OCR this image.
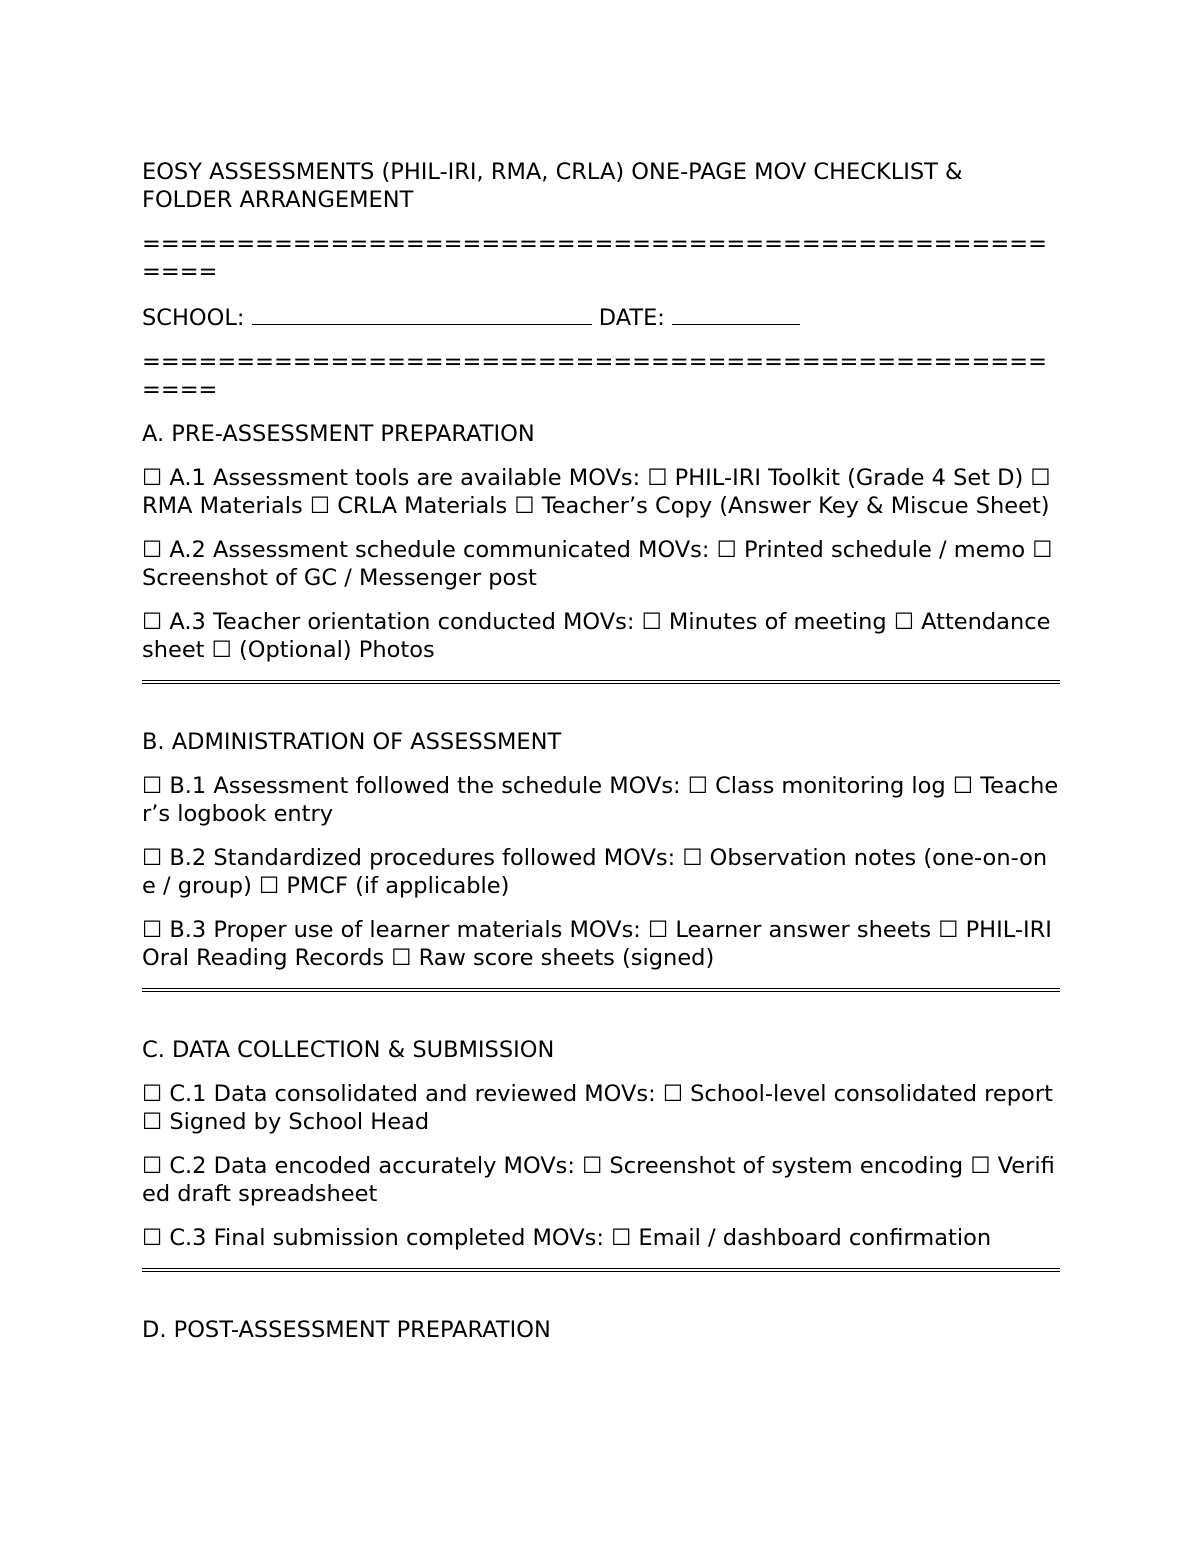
EOSY ASSESSMENTS (PHIL-IRI, RMA, CRLA) ONE-PAGE MOV CHECKLIST &

FOLDER ARRANGEMENT

====================================================

SCHOOL:	DATE:

====================================================

A. PRE-ASSESSMENT PREPARATION

☐ A.1 Assessment tools are available MOVs: ☐ PHIL-IRI Toolkit (Grade 4 Set D) ☐ RMA Materials ☐ CRLA Materials ☐ Teacher’s Copy (Answer Key & Miscue Sheet)

☐ A.2 Assessment schedule communicated MOVs: ☐ Printed schedule / memo ☐ Screenshot of GC / Messenger post

☐ A.3 Teacher orientation conducted MOVs: ☐ Minutes of meeting ☐ Attendance sheet ☐ (Optional) Photos

B. ADMINISTRATION OF ASSESSMENT

☐ B.1 Assessment followed the schedule MOVs: ☐ Class monitoring log ☐ Teacher’s logbook entry

☐ B.2 Standardized procedures followed MOVs: ☐ Observation notes (one-on-one / group) ☐ PMCF (if applicable)

☐ B.3 Proper use of learner materials MOVs: ☐ Learner answer sheets ☐ PHIL-IRI Oral Reading Records ☐ Raw score sheets (signed)

C. DATA COLLECTION & SUBMISSION

☐ C.1 Data consolidated and reviewed MOVs: ☐ School-level consolidated report ☐ Signed by School Head

☐ C.2 Data encoded accurately MOVs: ☐ Screenshot of system encoding ☐ Verified draft spreadsheet

☐ C.3 Final submission completed MOVs: ☐ Email / dashboard confirmation

D. POST-ASSESSMENT PREPARATION
